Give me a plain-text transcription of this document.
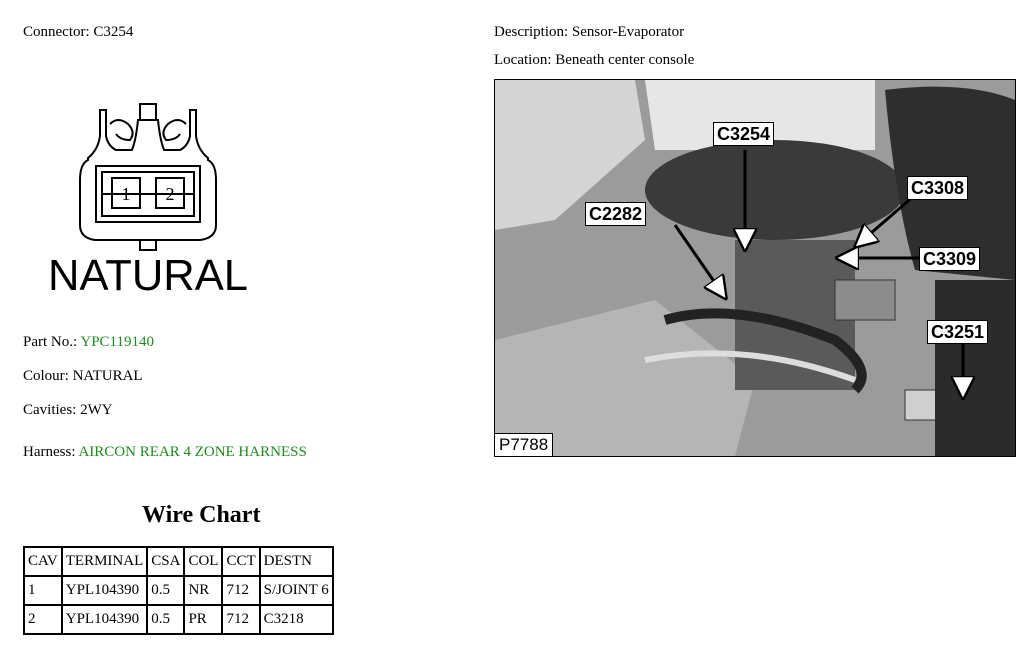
Connector: C3254	Description: Sensor-Evaporator
Location: Beneath center console
1 2
NATURAL
Part No.: YPC119140
Colour: NATURAL
Cavities: 2WY
Harness: AIRCON REAR 4 ZONE HARNESS
Wire Chart
CAV	TERMINAL	CSA	COL	CCT	DESTN
1	YPL104390	0.5	NR	712	S/JOINT 6
2	YPL104390	0.5	PR	712	C3218
C3254
C3308
C2282
C3309
C3251
P7788
